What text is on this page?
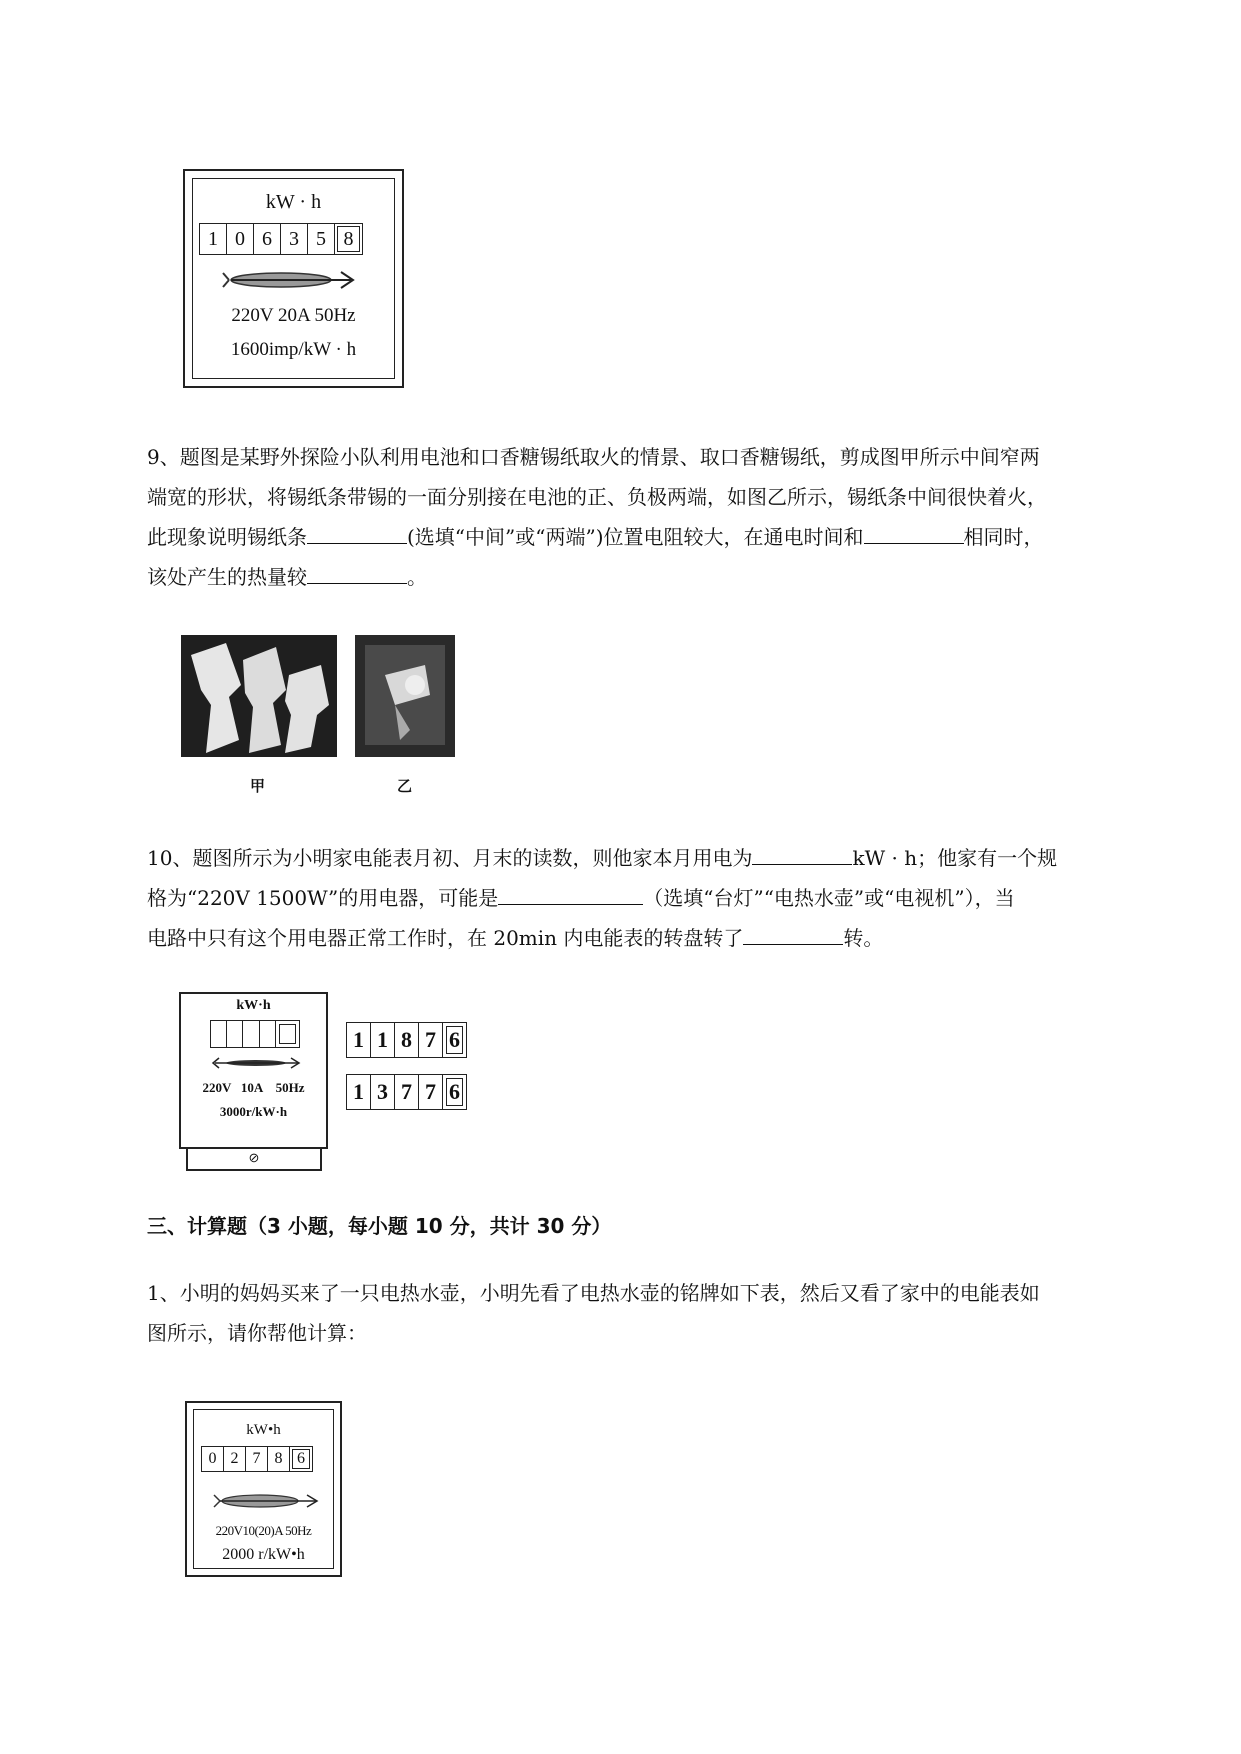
kW · h
1 0 6 3 5 8
220V 20A 50Hz
1600imp/kW · h
9、题图是某野外探险小队利用电池和口香糖锡纸取火的情景、取口香糖锡纸，剪成图甲所示中间窄两
端宽的形状，将锡纸条带锡的一面分别接在电池的正、负极两端，如图乙所示，锡纸条中间很快着火，
此现象说明锡纸条	(选填“中间”或“两端”)位置电阻较大，在通电时间和	相同时，
该处产生的热量较	。
甲	乙
10、题图所示为小明家电能表月初、月末的读数，则他家本月用电为	kW · h；他家有一个规
格为“220V 1500W”的用电器，可能是	（选填“台灯”“电热水壶”或“电视机”），当
电路中只有这个用电器正常工作时，在 20min 内电能表的转盘转了	转。
kW·h
220V   10A    50Hz
3000r/kW·h
⊘
1 1 8 7 6
1 3 7 7 6
三、计算题（3 小题，每小题 10 分，共计 30 分）
1、小明的妈妈买来了一只电热水壶，小明先看了电热水壶的铭牌如下表，然后又看了家中的电能表如
图所示，请你帮他计算：
kW•h
0 2 7 8 6
220V10(20)A 50Hz
2000 r/kW•h
